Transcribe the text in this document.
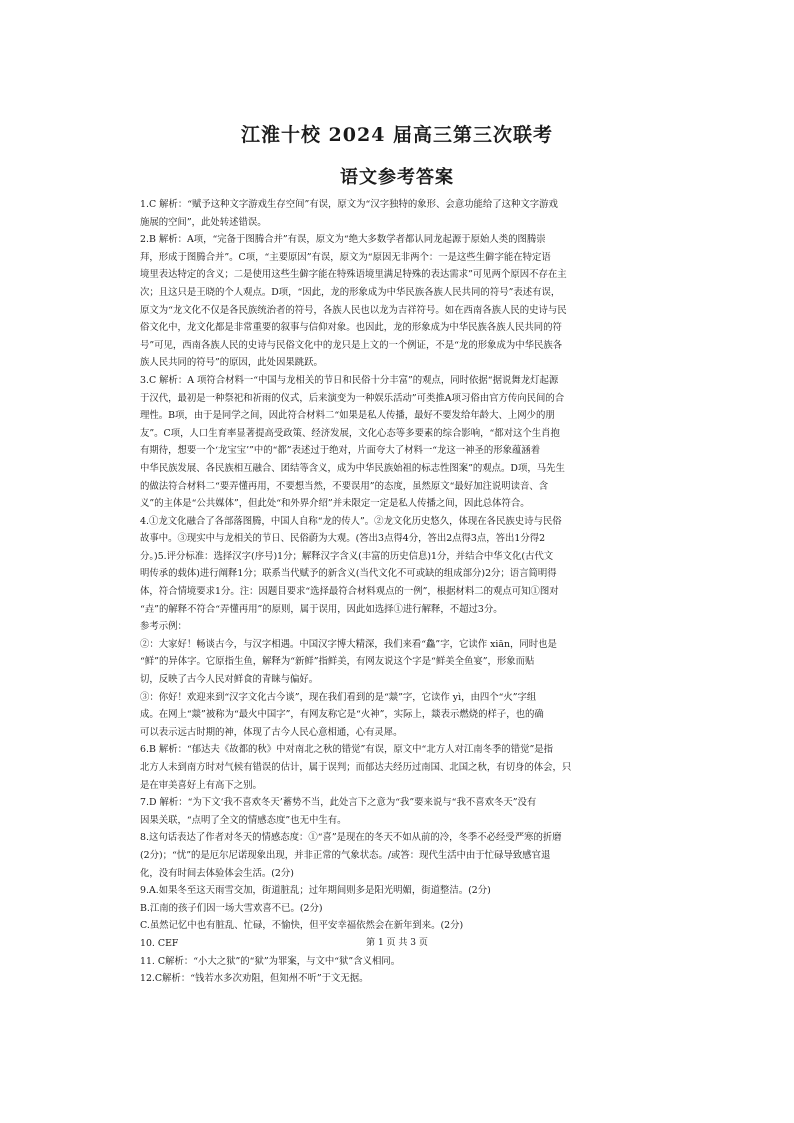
江淮十校 2024 届高三第三次联考
语文参考答案
1.C 解析：“赋予这种文字游戏生存空间”有误，原文为“汉字独特的象形、会意功能给了这种文字游戏
施展的空间”，此处转述错误。
2.B 解析：A项，“完备于图腾合并”有误，原文为“绝大多数学者都认同龙起源于原始人类的图腾崇
拜，形成于图腾合并”。C项，“主要原因”有误，原文为“原因无非两个：一是这些生僻字能在特定语
境里表达特定的含义；二是使用这些生僻字能在特殊语境里满足特殊的表达需求”可见两个原因不存在主
次；且这只是王晓的个人观点。D项，“因此，龙的形象成为中华民族各族人民共同的符号”表述有误，
原文为“龙文化不仅是各民族统治者的符号，各族人民也以龙为吉祥符号。如在西南各族人民的史诗与民
俗文化中，龙文化都是非常重要的叙事与信仰对象。也因此，龙的形象成为中华民族各族人民共同的符
号”可见，西南各族人民的史诗与民俗文化中的龙只是上文的一个例证，不是“龙的形象成为中华民族各
族人民共同的符号”的原因，此处因果跳跃。
3.C 解析：A 项符合材料一“中国与龙相关的节日和民俗十分丰富”的观点，同时依据“据说舞龙灯起源
于汉代，最初是一种祭祀和祈雨的仪式，后来演变为一种娱乐活动”可类推A项习俗由官方传向民间的合
理性。B项，由于是同学之间，因此符合材料二“如果是私人传播，最好不要发给年龄大、上网少的朋
友”。C项，人口生育率显著提高受政策、经济发展，文化心态等多要素的综合影响，“都对这个生肖抱
有期待，想要一个‘龙宝宝’”中的“都”表述过于绝对，片面夸大了材料一“龙这一神圣的形象蕴涵着
中华民族发展、各民族相互融合、团结等含义，成为中华民族始祖的标志性图案”的观点。D项，马先生
的做法符合材料二“要弄懂再用，不要想当然，不要误用”的态度，虽然原文“最好加注说明读音、含
义”的主体是“公共媒体”，但此处“和外界介绍”并未限定一定是私人传播之间，因此总体符合。
4.①龙文化融合了各部落图腾，中国人自称“龙的传人”。②龙文化历史悠久，体现在各民族史诗与民俗
故事中。③现实中与龙相关的节日、民俗蔚为大观。(答出3点得4分，答出2点得3点，答出1分得2
分。)5.评分标准：选择汉字(序号)1分；解释汉字含义(丰富的历史信息)1分，并结合中华文化(古代文
明传承的载体)进行阐释1分；联系当代赋予的新含义(当代文化不可或缺的组成部分)2分；语言简明得
体，符合情境要求1分。注：因题目要求“选择最符合材料观点的一例”，根据材料二的观点可知①图对
“垚”的解释不符合“弄懂再用”的原则，属于误用，因此如选择①进行解释，不超过3分。
参考示例：
②：大家好！畅谈古今，与汉字相遇。中国汉字博大精深，我们来看“鱻”字，它读作 xiān，同时也是
“鲜”的异体字。它原指生鱼，解释为“新鲜”指鲜美，有网友说这个字是“鲜美全鱼宴”，形象而贴
切，反映了古今人民对鲜食的青睐与偏好。
③：你好！欢迎来到“汉字文化古今谈”，现在我们看到的是“燚”字，它读作 yì，由四个“火”字组
成。在网上“燚”被称为“最火中国字”，有网友称它是“火神”，实际上，燚表示燃烧的样子，也的确
可以表示远古时期的神，体现了古今人民心意相通，心有灵犀。
6.B 解析：“郁达夫《故都的秋》中对南北之秋的错觉”有误，原文中“北方人对江南冬季的错觉”是指
北方人未到南方时对气候有错误的估计，属于误判；而郁达夫经历过南国、北国之秋，有切身的体会，只
是在审美喜好上有高下之别。
7.D 解析：“为下文‘我不喜欢冬天’蓄势不当，此处言下之意为“我”要来说与“我不喜欢冬天”没有
因果关联，“点明了全文的情感态度”也无中生有。
8.这句话表达了作者对冬天的情感态度：①“喜”是现在的冬天不如从前的冷，冬季不必经受严寒的折磨
(2分)；“忧”的是厄尔尼诺现象出现，并非正常的气象状态。/或答：现代生活中由于忙碌导致感官退
化，没有时间去体验体会生活。(2分)
9.A.如果冬至这天雨雪交加，街道脏乱；过年期间则多是阳光明媚，街道整洁。(2分)
B.江南的孩子们因一场大雪欢喜不已。(2分)
C.虽然记忆中也有脏乱、忙碌，不愉快，但平安幸福依然会在新年到来。(2分)
10. CEF
11. C解析：“小大之狱”的“狱”为罪案，与文中“狱”含义相同。
12.C解析：“钱若水多次劝阻，但知州不听”于文无据。
第 1 页 共 3 页
